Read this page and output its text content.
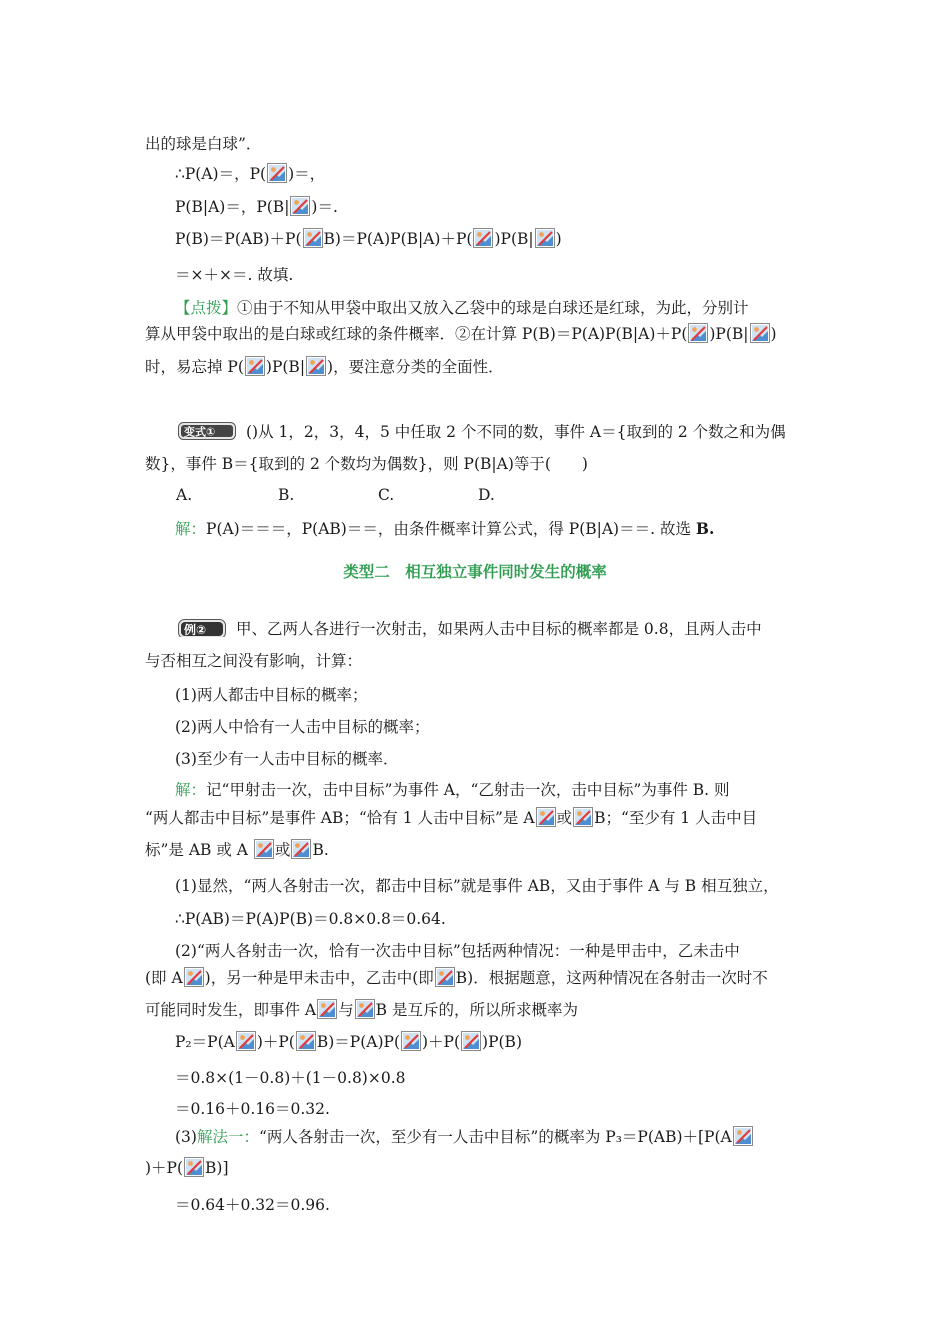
出的球是白球”．
∴P(A)＝，P( )＝，
P(B|A)＝，P(B| )＝.
P(B)＝P(AB)＋P( B)＝P(A)P(B|A)＋P( )P(B| )
＝×＋×＝. 故填.
【点拨】①由于不知从甲袋中取出又放入乙袋中的球是白球还是红球，为此，分别计
算从甲袋中取出的是白球或红球的条件概率．②在计算 P(B)＝P(A)P(B|A)＋P( )P(B| )
时，易忘掉 P( )P(B| )，要注意分类的全面性．
变式① ()从 1，2，3，4，5 中任取 2 个不同的数，事件 A＝{取到的 2 个数之和为偶
数}，事件 B＝{取到的 2 个数均为偶数}，则 P(B|A)等于(　　)
A.	B.	C.	D.
解：P(A)＝＝＝，P(AB)＝＝，由条件概率计算公式，得 P(B|A)＝＝. 故选 B.
类型二　相互独立事件同时发生的概率
例② 甲、乙两人各进行一次射击，如果两人击中目标的概率都是 0.8，且两人击中
与否相互之间没有影响，计算：
(1)两人都击中目标的概率；
(2)两人中恰有一人击中目标的概率；
(3)至少有一人击中目标的概率．
解：记“甲射击一次，击中目标”为事件 A，“乙射击一次，击中目标”为事件 B. 则
“两人都击中目标”是事件 AB；“恰有 1 人击中目标”是 A 或 B；“至少有 1 人击中目
标”是 AB 或 A
或 B.
(1)显然，“两人各射击一次，都击中目标”就是事件 AB，又由于事件 A 与 B 相互独立，
∴P(AB)＝P(A)P(B)＝0.8×0.8＝0.64.
(2)“两人各射击一次，恰有一次击中目标”包括两种情况：一种是甲击中，乙未击中
(即 A )，另一种是甲未击中，乙击中(即 B)．根据题意，这两种情况在各射击一次时不
可能同时发生，即事件 A 与 B 是互斥的，所以所求概率为
P₂＝P(A )＋P( B)＝P(A)P( )＋P( )P(B)
＝0.8×(1－0.8)＋(1－0.8)×0.8
＝0.16＋0.16＝0.32.
(3)解法一：“两人各射击一次，至少有一人击中目标”的概率为 P₃＝P(AB)＋[P(A
)＋P( B)]
＝0.64＋0.32＝0.96.
